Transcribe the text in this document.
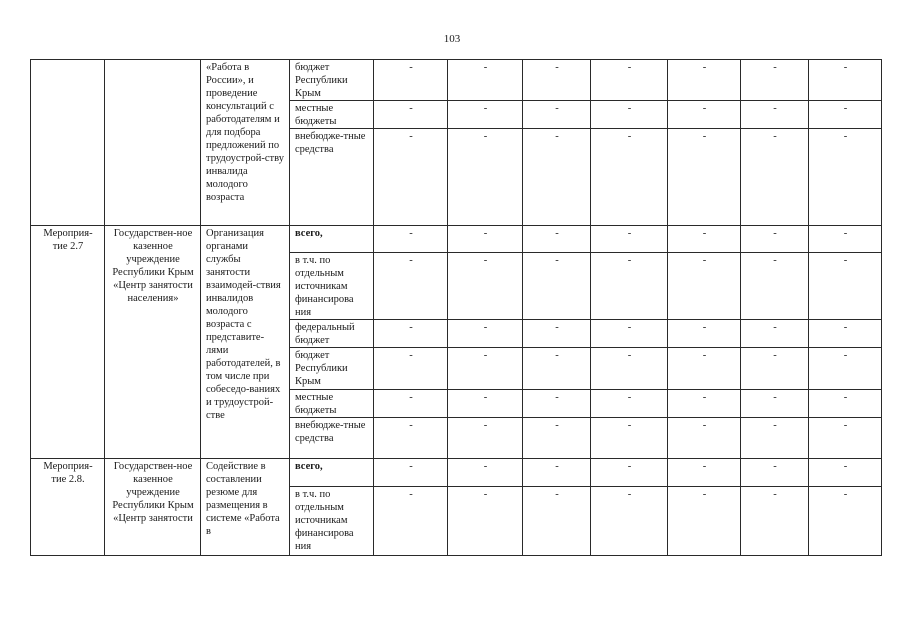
103
		«Работа в России», и проведение консультаций с работодателям и для подбора предложений по трудоустрой-ству инвалида молодого возраста	бюджет Республики Крым	-	-	-	-	-	-	-
			местные бюджеты	-	-	-	-	-	-	-
			внебюдже-тные средства	-	-	-	-	-	-	-
Мероприя-тие 2.7	Государствен-ное казенное учреждение Республики Крым «Центр занятости населения»	Организация органами службы занятости взаимодей-ствия инвалидов молодого возраста с представите-лями работодателей, в том числе при собеседо-ваниях и трудоустрой-стве	всего,	-	-	-	-	-	-	-
			в т.ч. по отдельным источникам финансирова ния	-	-	-	-	-	-	-
			федеральный бюджет	-	-	-	-	-	-	-
			бюджет Республики Крым	-	-	-	-	-	-	-
			местные бюджеты	-	-	-	-	-	-	-
			внебюдже-тные средства	-	-	-	-	-	-	-
Мероприя-тие 2.8.	Государствен-ное казенное учреждение Республики Крым «Центр занятости	Содействие в составлении резюме для размещения в системе «Работа в	всего,	-	-	-	-	-	-	-
			в т.ч. по отдельным источникам финансирова ния	-	-	-	-	-	-	-
